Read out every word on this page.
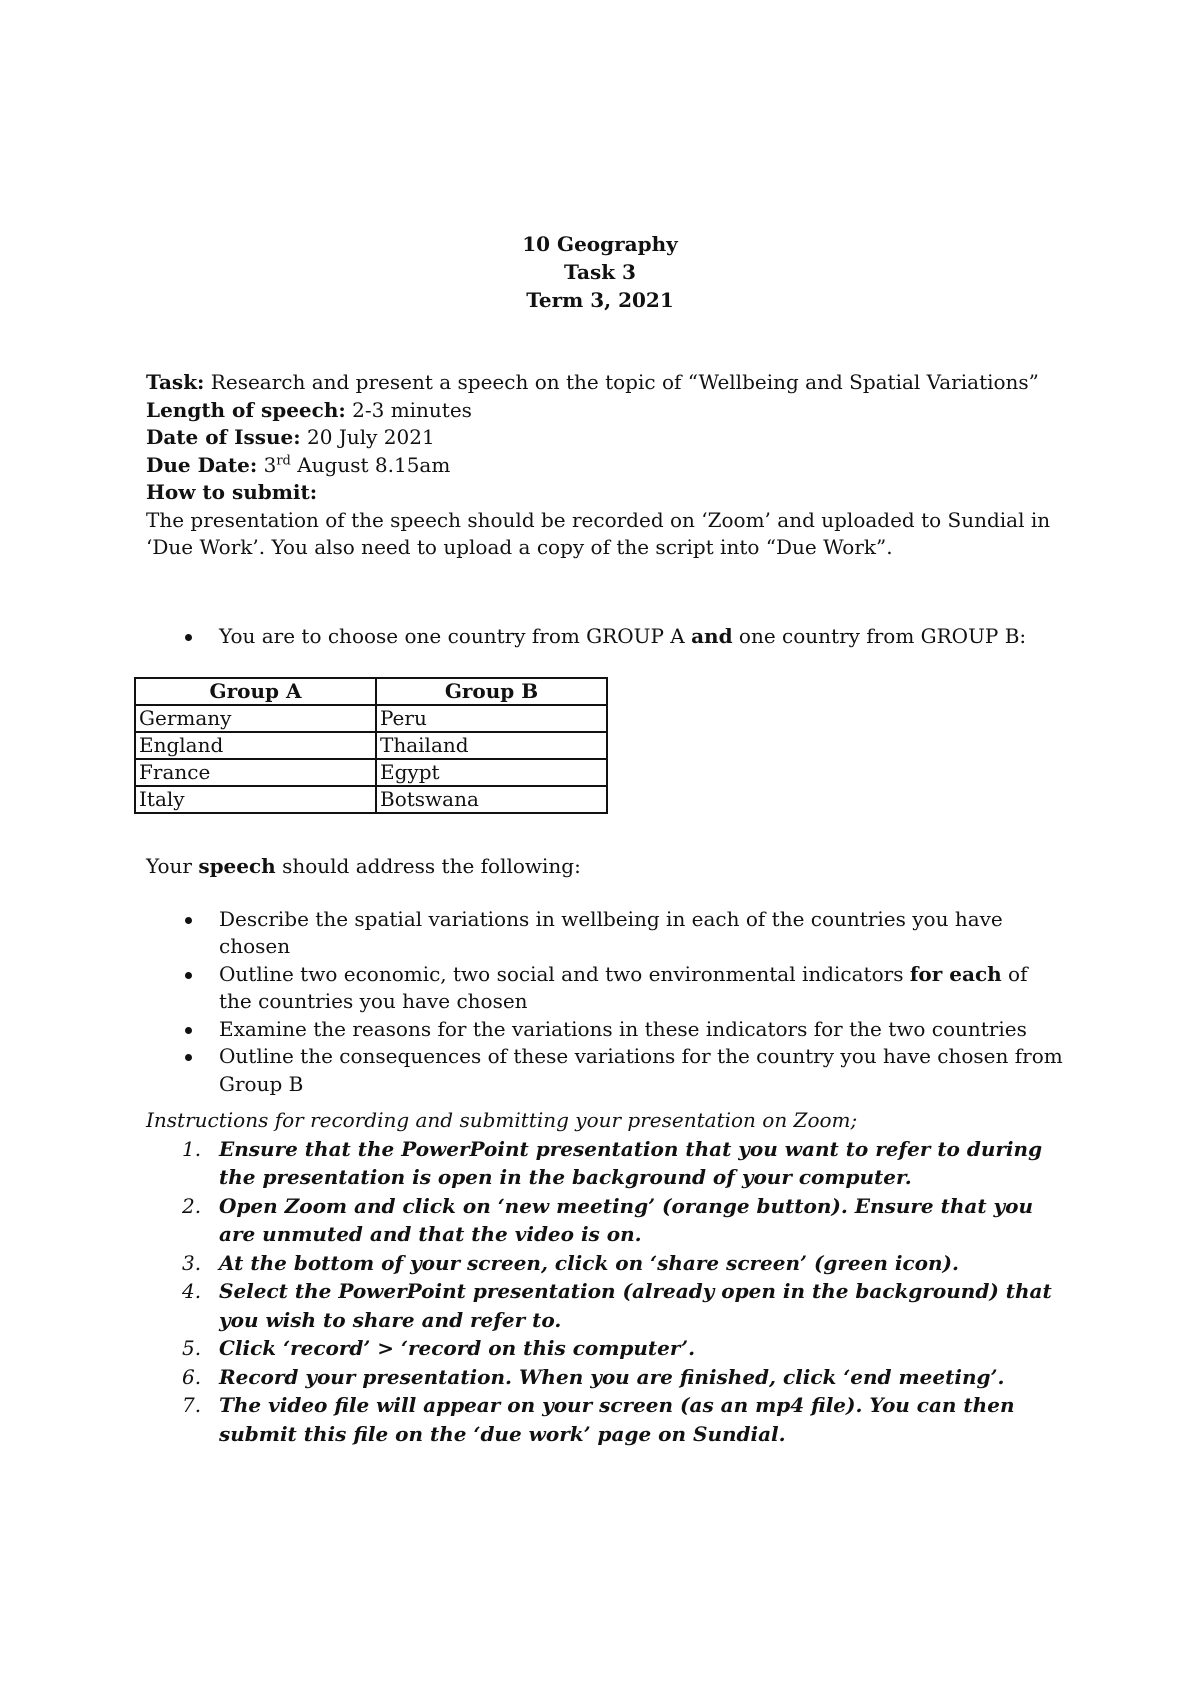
10 Geography
Task 3
Term 3, 2021
Task: Research and present a speech on the topic of “Wellbeing and Spatial Variations”
Length of speech: 2-3 minutes
Date of Issue: 20 July 2021
Due Date: 3rd August 8.15am
How to submit:
The presentation of the speech should be recorded on ‘Zoom’ and uploaded to Sundial in ‘Due Work’. You also need to upload a copy of the script into “Due Work”.
You are to choose one country from GROUP A and one country from GROUP B:
Group A	Group B
Germany	Peru
England	Thailand
France	Egypt
Italy	Botswana

Your speech should address the following:

Describe the spatial variations in wellbeing in each of the countries you have chosen
Outline two economic, two social and two environmental indicators for each of the countries you have chosen
Examine the reasons for the variations in these indicators for the two countries
Outline the consequences of these variations for the country you have chosen from Group B

Instructions for recording and submitting your presentation on Zoom;

1. Ensure that the PowerPoint presentation that you want to refer to during the presentation is open in the background of your computer.
2. Open Zoom and click on ‘new meeting’ (orange button). Ensure that you are unmuted and that the video is on.
3. At the bottom of your screen, click on ‘share screen’ (green icon).
4. Select the PowerPoint presentation (already open in the background) that you wish to share and refer to.
5. Click ‘record’ > ‘record on this computer’.
6. Record your presentation. When you are finished, click ‘end meeting’.
7. The video file will appear on your screen (as an mp4 file). You can then submit this file on the ‘due work’ page on Sundial.
